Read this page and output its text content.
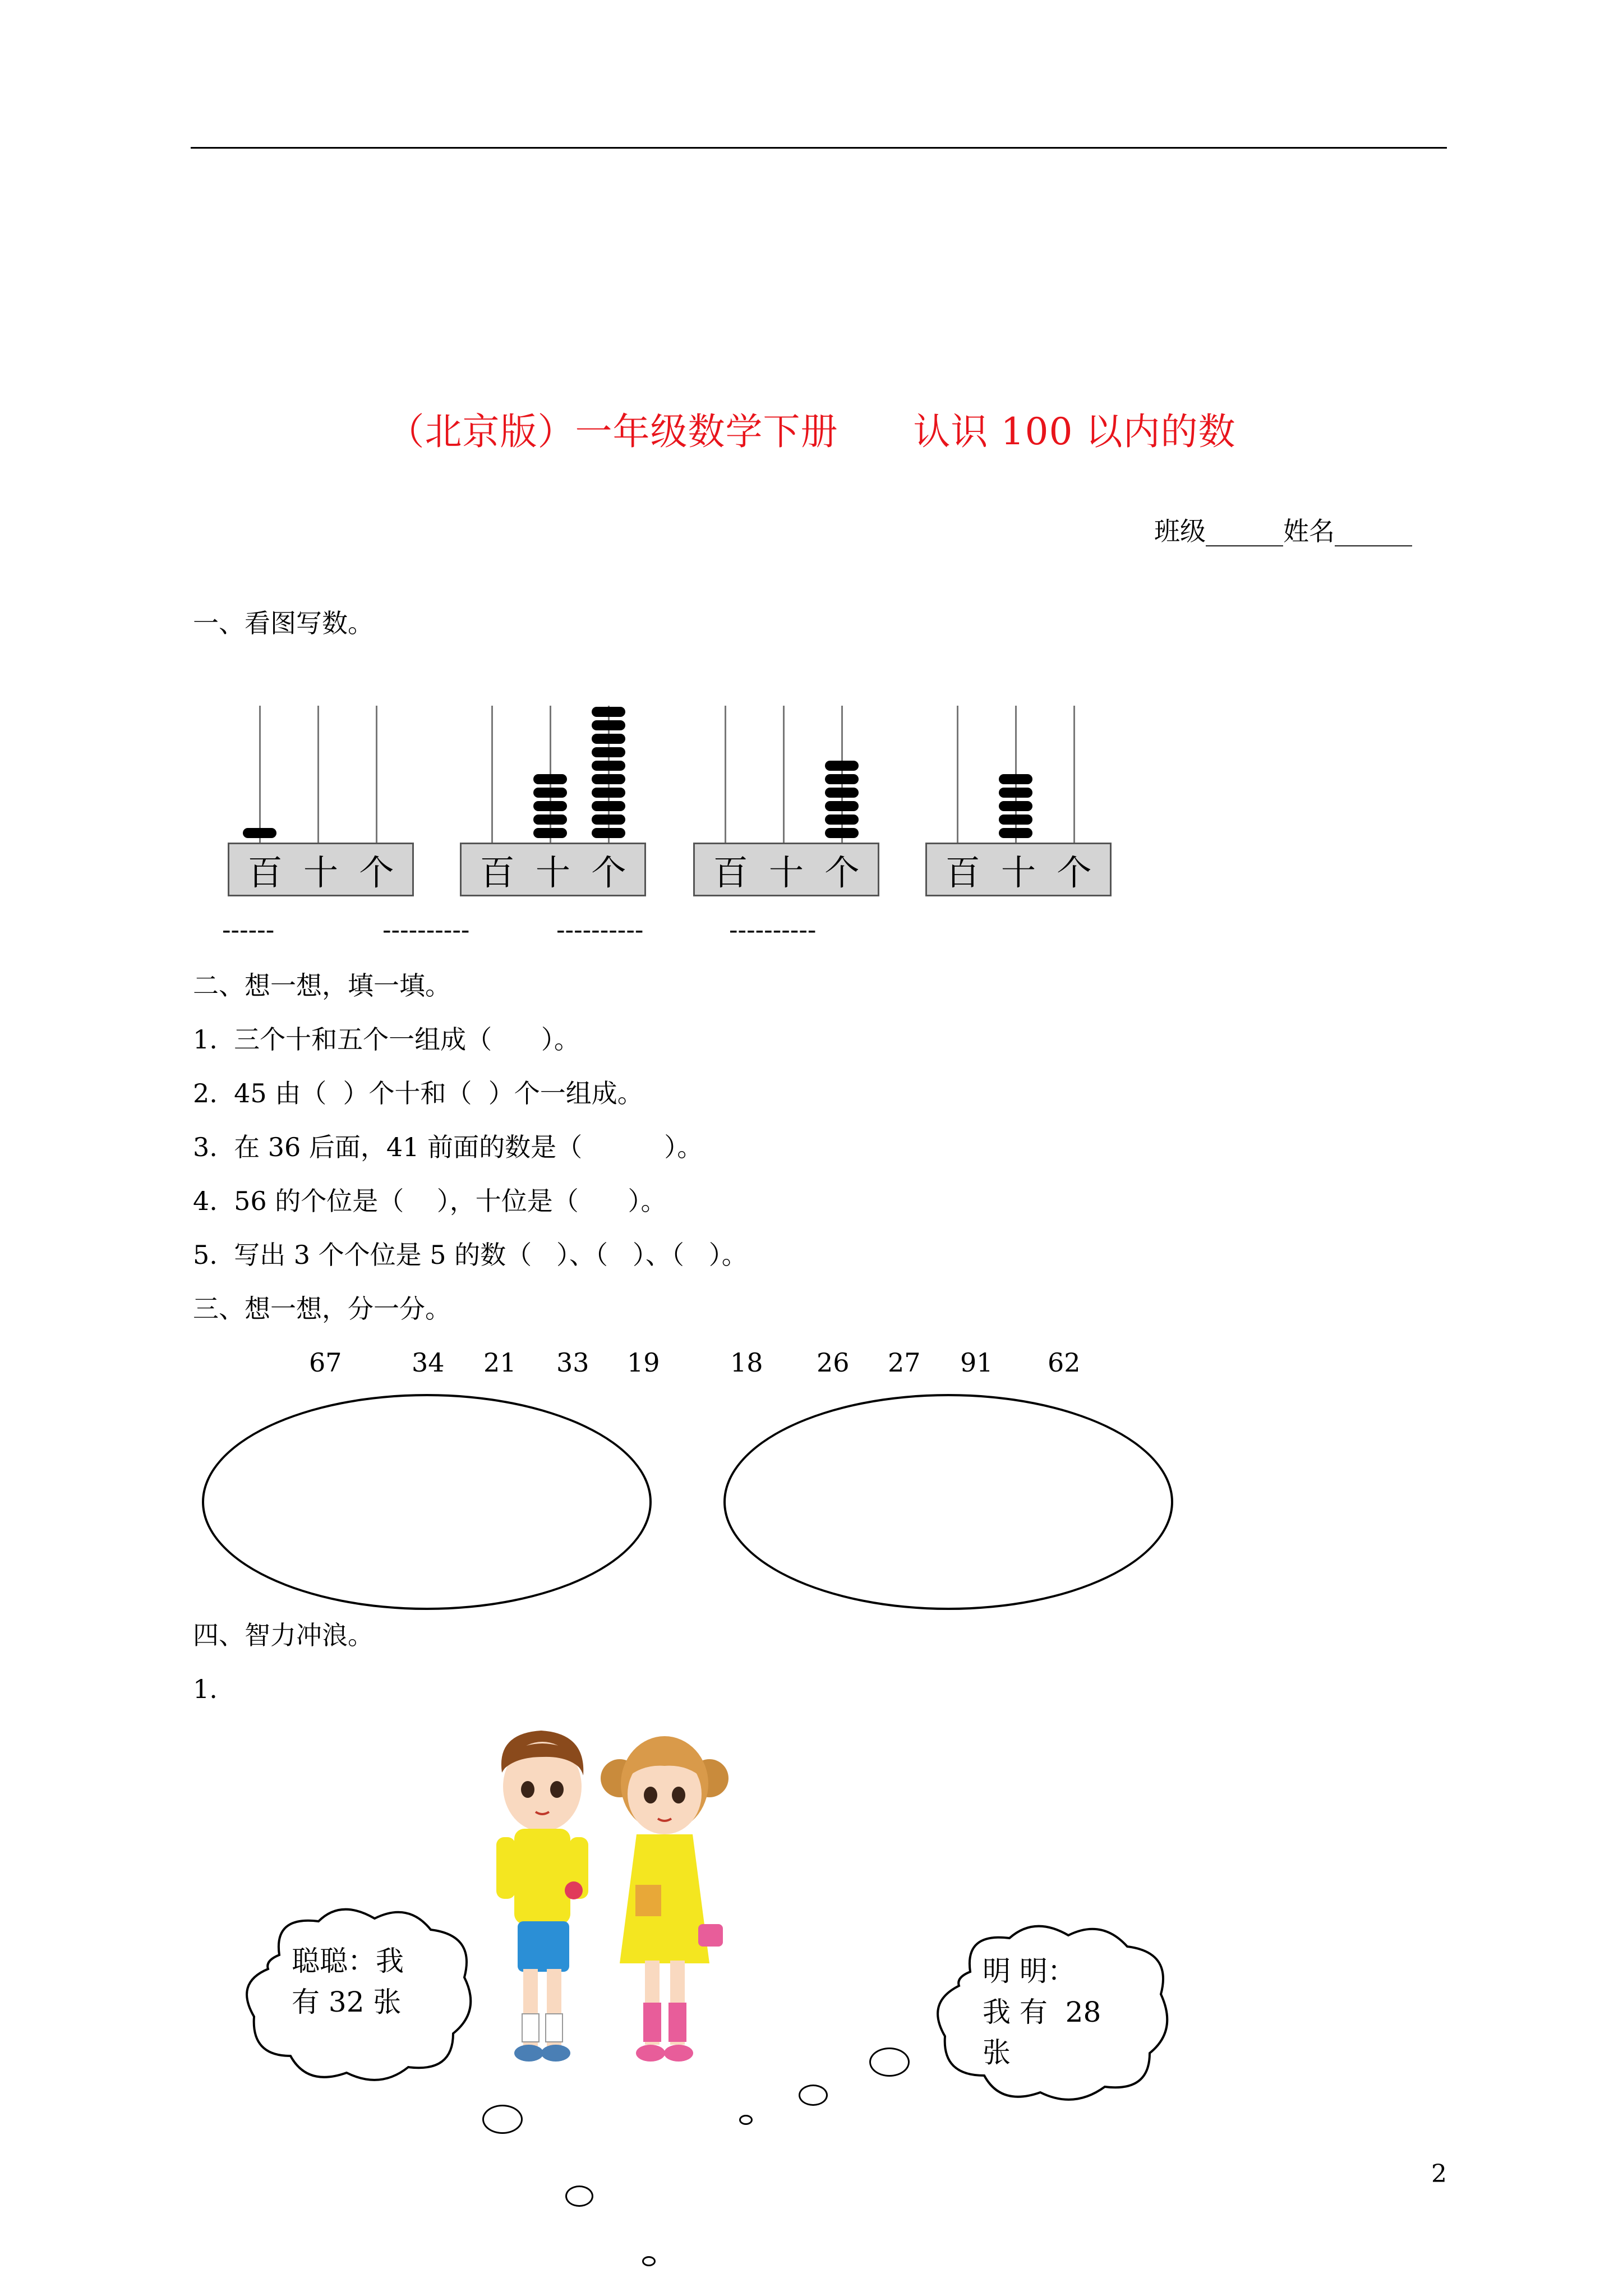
（北京版）一年级数学下册　　认识 100 以内的数
班级______姓名______
一、看图写数。
百 十 个
------
百 十 个
----------
百 十 个
----------
百 十 个
----------
二、想一想，填一填。
1.  三个十和五个一组成（      ）。
2.  45 由（  ）个十和（  ）个一组成。
3.  在 36 后面，41 前面的数是（          ）。
4.  56 的个位是（    ），十位是（      ）。
5.  写出 3 个个位是 5 的数（   ）、（   ）、（   ）。
三、想一想，分一分。
67	34 21 33 19	18 26 27 91 62
四、智力冲浪。
1.
聪聪：我
有 32 张
明 明：
我 有  28
张
2
